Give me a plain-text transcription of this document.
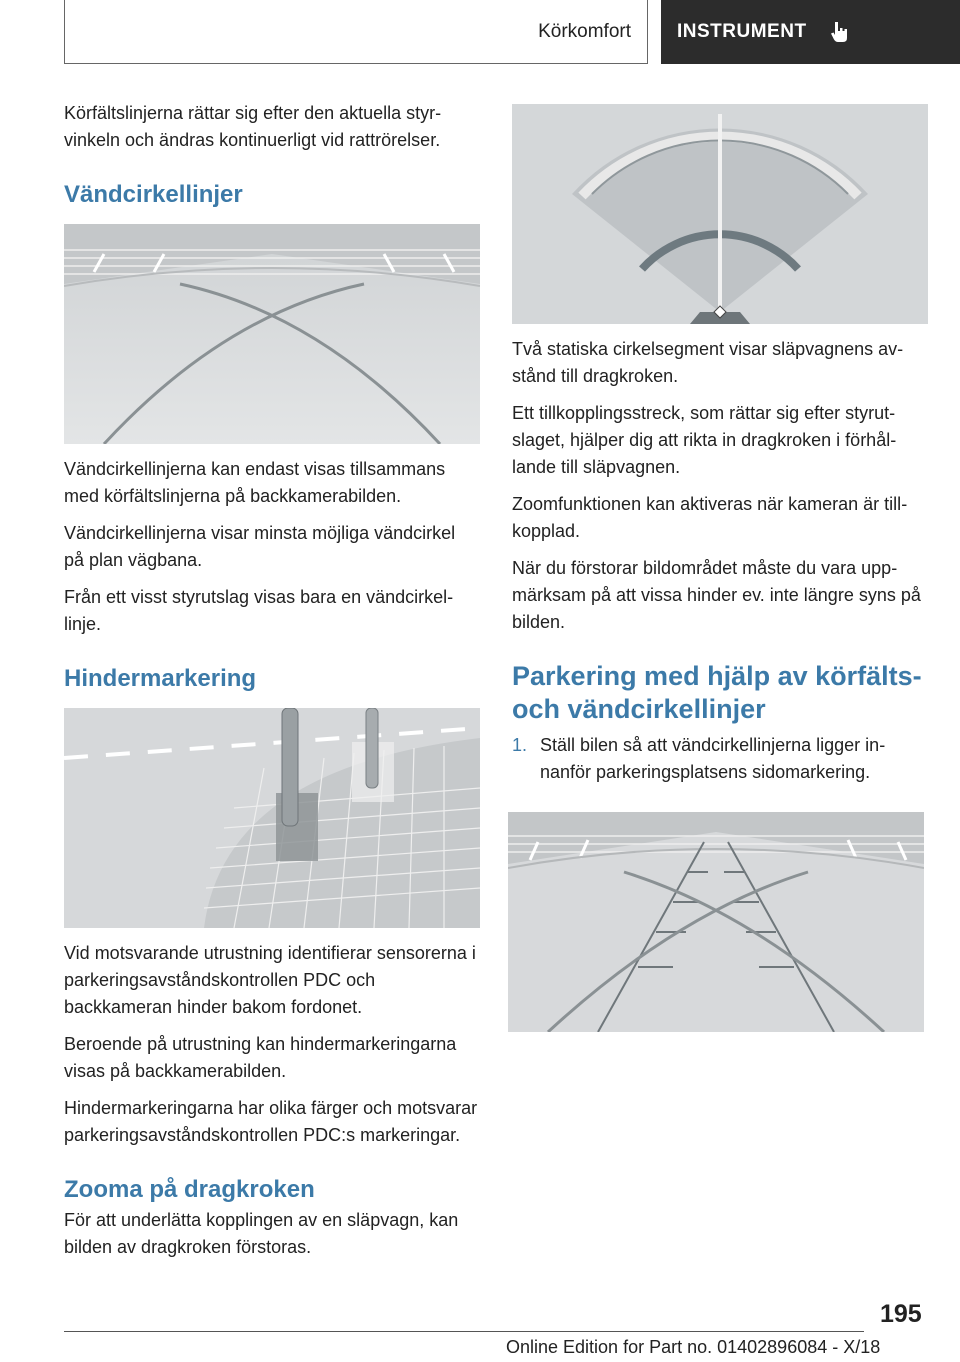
Körkomfort INSTRUMENT

Körfältslinjerna rättar sig efter den aktuella styrvinkeln och ändras kontinuerligt vid rattrörelser.

Vändcirkellinjer

Vändcirkellinjerna kan endast visas tillsammans med körfältslinjerna på backkamerabilden.

Vändcirkellinjerna visar minsta möjliga vändcirkel på plan vägbana.

Från ett visst styrutslag visas bara en vändcirkellinje.

Hindermarkering

Vid motsvarande utrustning identifierar sensorerna i parkeringsavståndskontrollen PDC och backkameran hinder bakom fordonet.

Beroende på utrustning kan hindermarkeringarna visas på backkamerabilden.

Hindermarkeringarna har olika färger och motsvarar parkeringsavståndskontrollen PDC:s markeringar.

Zooma på dragkroken

För att underlätta kopplingen av en släpvagn, kan bilden av dragkroken förstoras.

Två statiska cirkelsegment visar släpvagnens avstånd till dragkroken.

Ett tillkopplingsstreck, som rättar sig efter styrutslaget, hjälper dig att rikta in dragkroken i förhållande till släpvagnen.

Zoomfunktionen kan aktiveras när kameran är tillkopplad.

När du förstorar bildområdet måste du vara uppmärksam på att vissa hinder ev. inte längre syns på bilden.

Parkering med hjälp av körfälts- och vändcirkellinjer
1. Ställ bilen så att vändcirkellinjerna ligger innanför parkeringsplatsens sidomarkering.
195
Online Edition for Part no. 01402896084 - X/18
